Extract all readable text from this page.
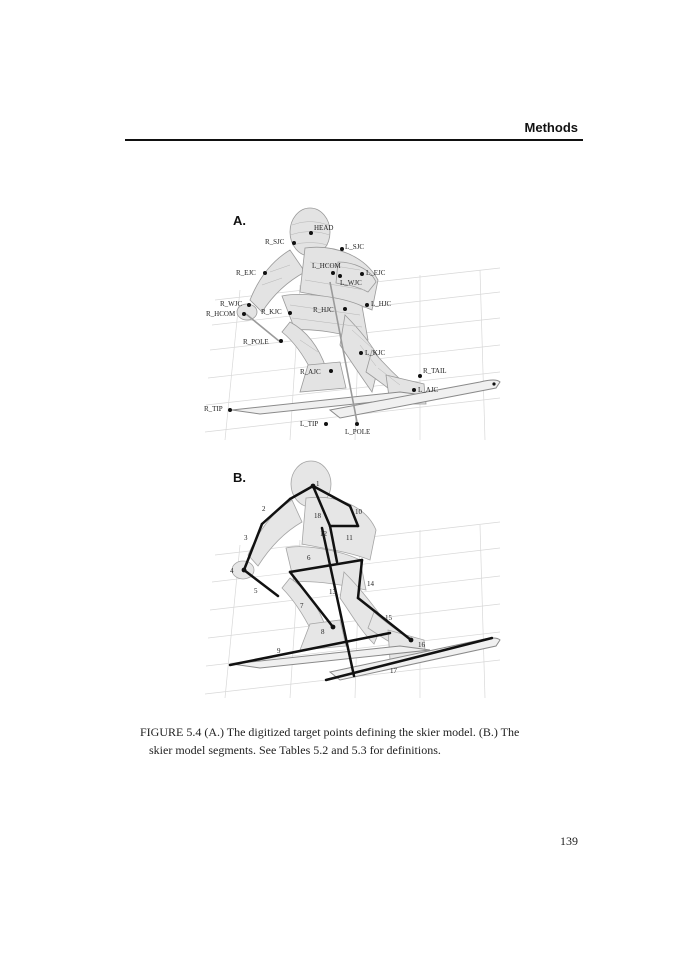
Methods
HEAD
R_SJC
L_SJC
L_HCOM
R_EJC	L_EJC
L_WJC
R_WJC
R_HCOM	R_KJC	R_HJC
L_HJC
R_POLE
L_KJC
R_AJC	R_TAIL
L_AJC
R_TIP
L_TIP
L_POLE
1
2
3
4
5
6
7
8
9
10
11
12
13
14
15
16
17
18
A.
B.
FIGURE 5.4 (A.) The digitized target points defining the skier model. (B.) The
skier model segments. See Tables 5.2 and 5.3 for definitions.
139
